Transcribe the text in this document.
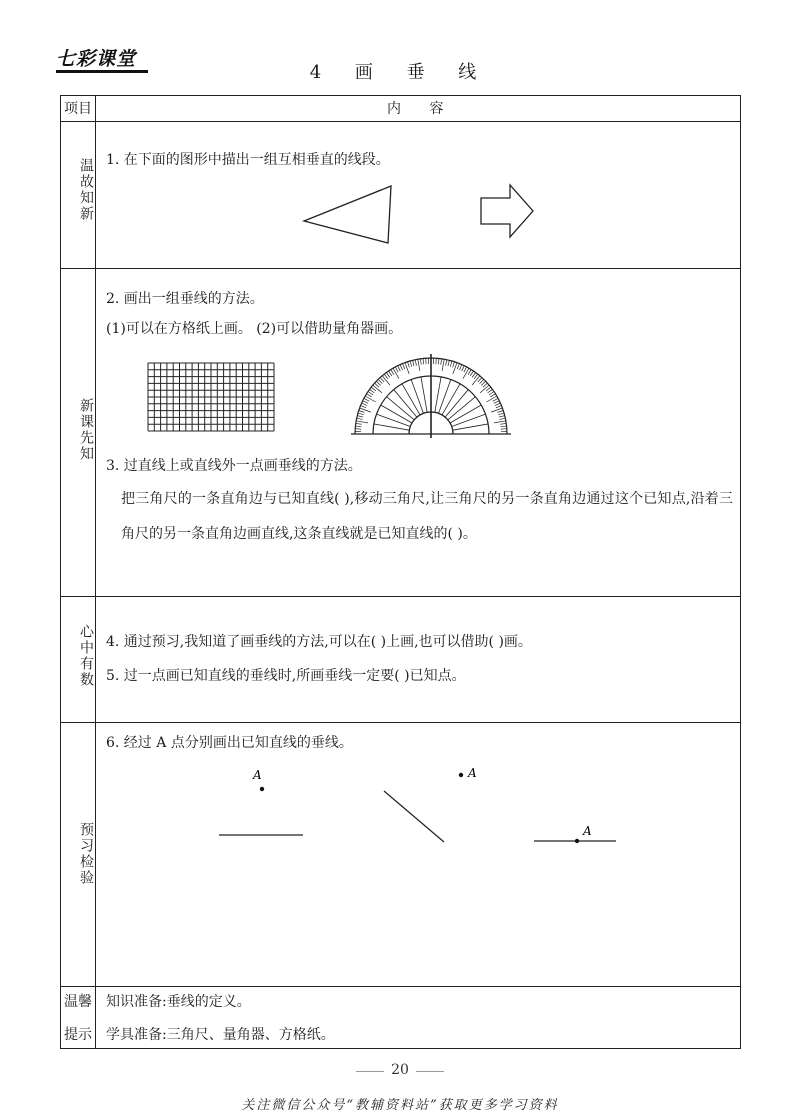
七彩课堂
4 画 垂 线
项目	内 容
温故知新
新课先知
心中有数
预习检验
温馨
提示
1. 在下面的图形中描出一组互相垂直的线段。
2. 画出一组垂线的方法。
(1)可以在方格纸上画。 (2)可以借助量角器画。
3. 过直线上或直线外一点画垂线的方法。
把三角尺的一条直角边与已知直线( ),移动三角尺,让三角尺的另一条直角边通过这个已知点,沿着三角尺的另一条直角边画直线,这条直线就是已知直线的( )。
4. 通过预习,我知道了画垂线的方法,可以在( )上画,也可以借助( )画。
5. 过一点画已知直线的垂线时,所画垂线一定要( )已知点。
6. 经过 A 点分别画出已知直线的垂线。
A	A
A
知识准备:垂线的定义。
学具准备:三角尺、量角器、方格纸。
20
关注微信公众号“教辅资料站”获取更多学习资料
